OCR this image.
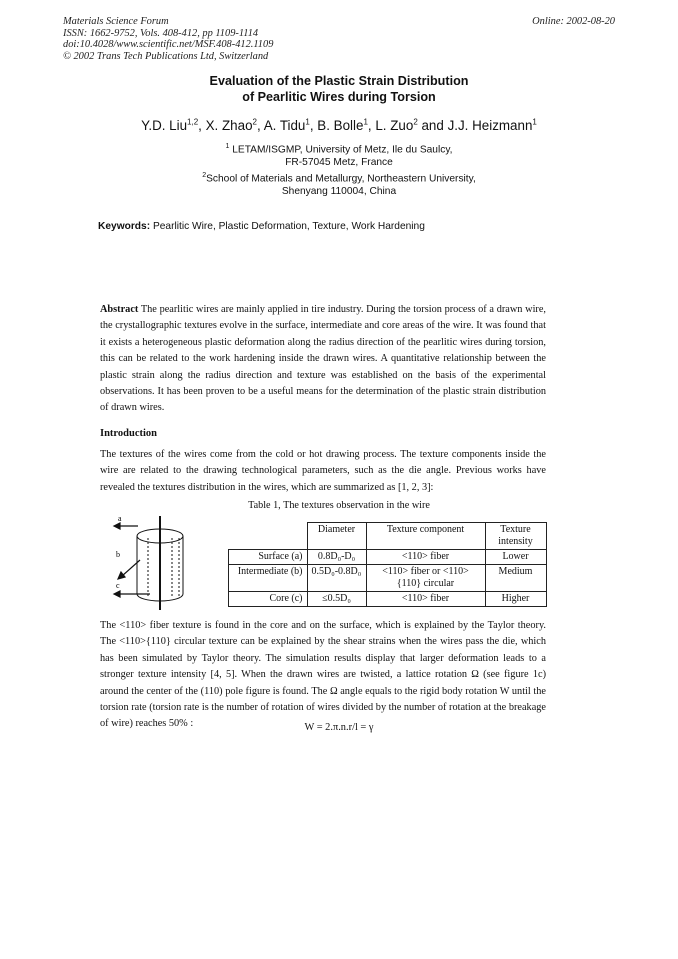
Materials Science Forum
ISSN: 1662-9752, Vols. 408-412, pp 1109-1114
doi:10.4028/www.scientific.net/MSF.408-412.1109
© 2002 Trans Tech Publications Ltd, Switzerland
Online: 2002-08-20
Evaluation of the Plastic Strain Distribution
of Pearlitic Wires during Torsion
Y.D. Liu$^{1,2}$, X. Zhao$^2$, A. Tidu$^1$, B. Bolle$^1$, L. Zuo$^2$ and J.J. Heizmann$^1$
$^1$ LETAM/ISGMP, University of Metz, Ile du Saulcy,
FR-57045 Metz, France
$^2$School of Materials and Metallurgy, Northeastern University,
Shenyang 110004, China
Keywords: Pearlitic Wire, Plastic Deformation, Texture, Work Hardening
Abstract The pearlitic wires are mainly applied in tire industry. During the torsion process of a drawn wire, the crystallographic textures evolve in the surface, intermediate and core areas of the wire. It was found that it exists a heterogeneous plastic deformation along the radius direction of the pearlitic wires during torsion, this can be related to the work hardening inside the drawn wires. A quantitative relationship between the plastic strain along the radius direction and texture was established on the basis of the experimental observations. It has been proven to be a useful means for the determination of the plastic strain distribution of drawn wires.
Introduction
The textures of the wires come from the cold or hot drawing process. The texture components inside the wire are related to the drawing technological parameters, such as the die angle. Previous works have revealed the textures distribution in the wires, which are summarized as [1, 2, 3]:
Table 1, The textures observation in the wire
a
b
c
	Diameter	Texture component	Texture intensity
Surface (a)	0.8D₀-D₀	<110> fiber	Lower
Intermediate (b)	0.5D₀-0.8D₀	<110> fiber or <110>{110} circular	Medium
Core (c)	≤0.5D₀	<110> fiber	Higher
The <110> fiber texture is found in the core and on the surface, which is explained by the Taylor theory. The <110>{110} circular texture can be explained by the shear strains when the wires pass the die, which has been simulated by Taylor theory. The simulation results display that larger deformation leads to a stronger texture intensity [4, 5]. When the drawn wires are twisted, a lattice rotation Ω (see figure 1c) around the center of the (110) pole figure is found. The Ω angle equals to the rigid body rotation W until the torsion rate (torsion rate is the number of rotation of wires divided by the number of rotation at the breakage of wire) reaches 50% :	W = 2.π.n.r/l = γ
